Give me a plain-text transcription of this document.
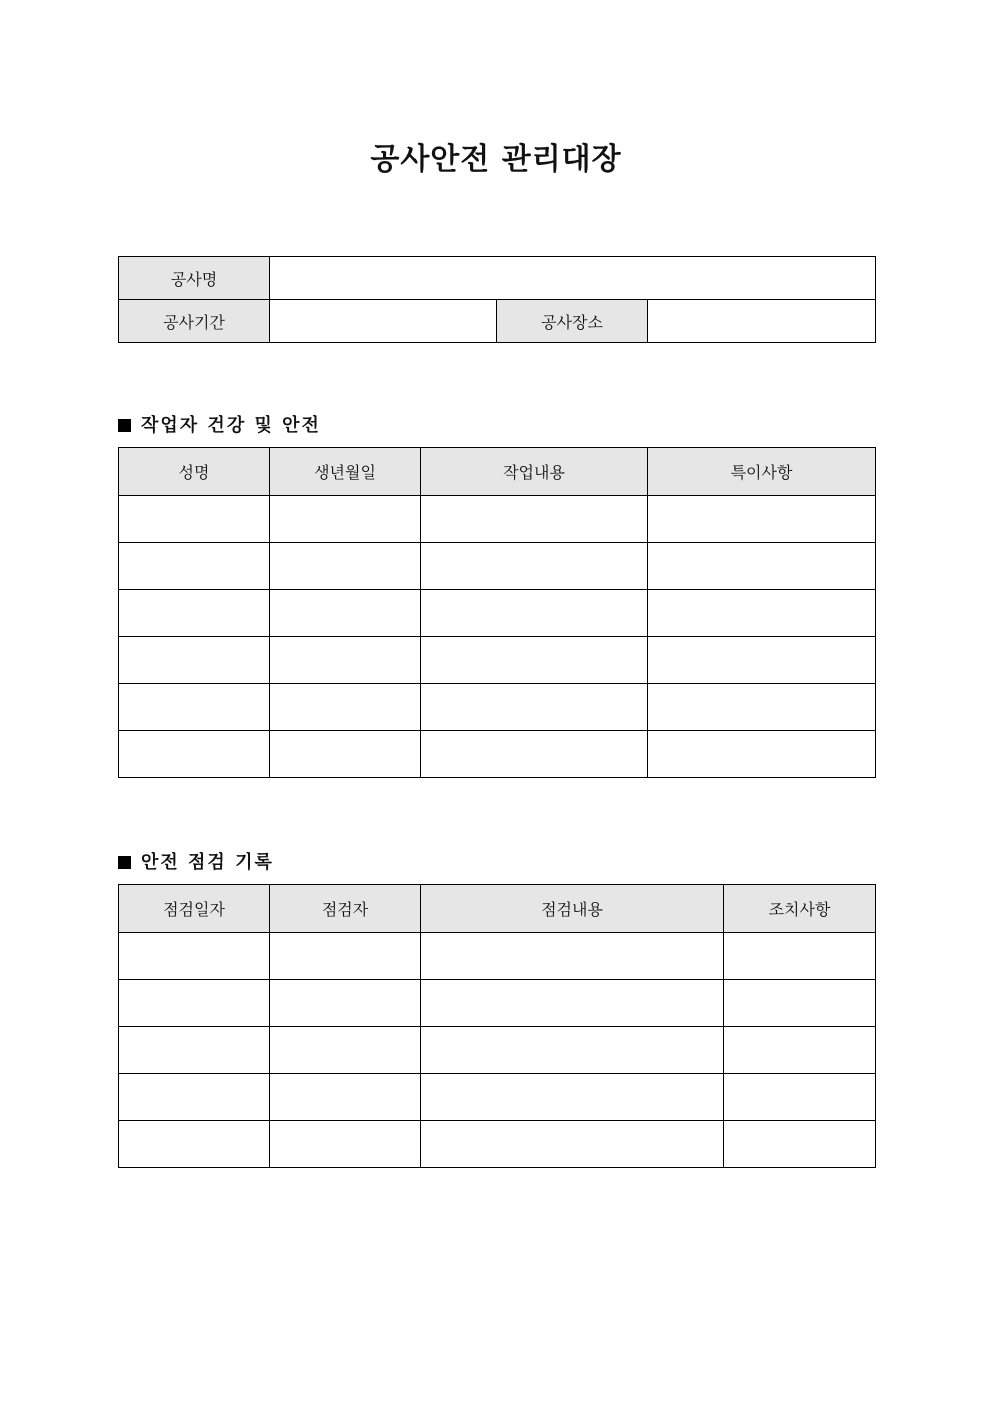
공사안전 관리대장
공사명			
공사기간		공사장소	
작업자 건강 및 안전
성명	생년월일	작업내용	특이사항

안전 점검 기록
점검일자	점검자	점검내용	조치사항
